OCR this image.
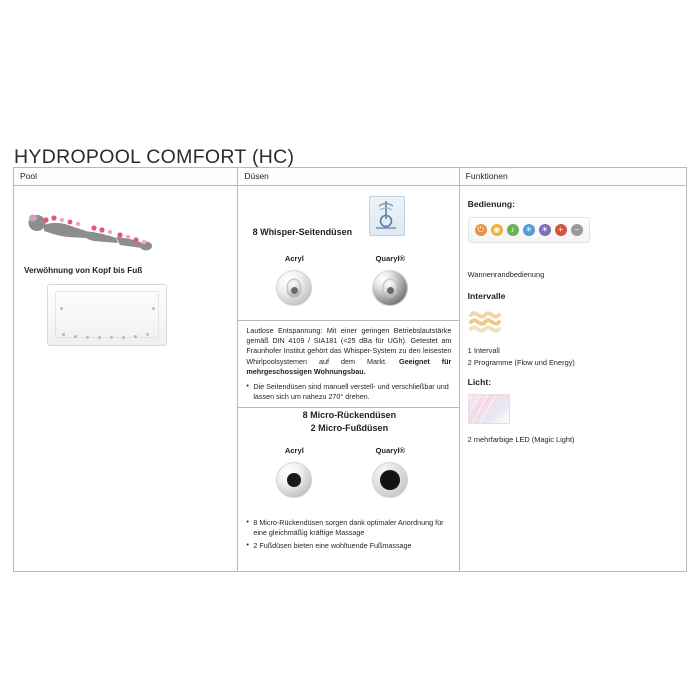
HYDROPOOL COMFORT (HC)
Pool
Verwöhnung von Kopf bis Fuß
Düsen
8 Whisper-Seitendüsen
Acryl	Quaryl®
Lautlose Entspannung: Mit einer geringen Betriebslautstärke gemäß DIN 4109 / SIA181 (<25 dBa für UGh). Getestet am Fraunhofer Institut gehört das Whisper-System zu den leisesten Whirlpoolsystemen auf dem Markt. Geeignet für mehrgeschossigen Wohnungsbau.
• Die Seitendüsen sind manuell verstell- und verschließbar und lassen sich um nahezu 270° drehen.
8 Micro-Rückendüsen
2 Micro-Fußdüsen
Acryl	Quaryl®
• 8 Micro-Rückendüsen sorgen dank optimaler Anordnung für eine gleichmäßig kräftige Massage
• 2 Fußdüsen bieten eine wohltuende Fußmassage
Funktionen
Bedienung:
⏻	◉	♪	✳	☀	+	−
Wannenrandbedienung
Intervalle
1 Intervall
2 Programme (Flow und Energy)
Licht:
2 mehrfarbige LED (Magic Light)
